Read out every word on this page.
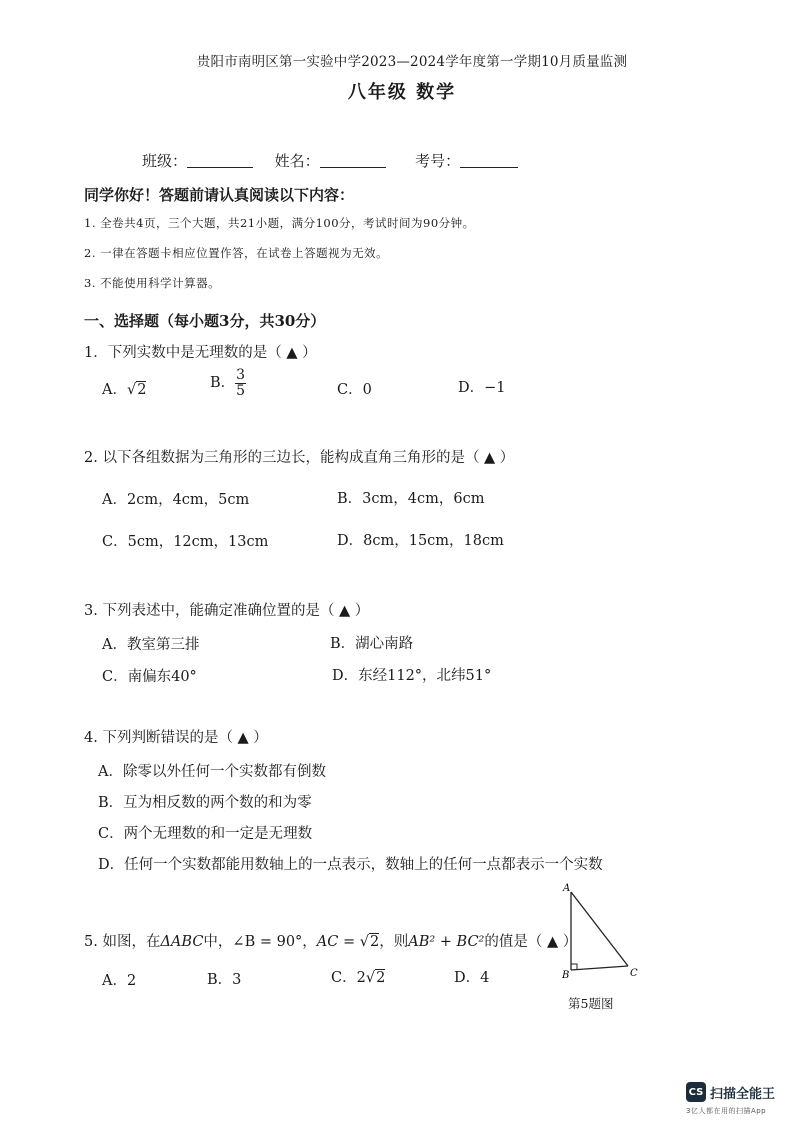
贵阳市南明区第一实验中学2023—2024学年度第一学期10月质量监测
八年级 数学
班级：	姓名：	考号：
同学你好！答题前请认真阅读以下内容：
1. 全卷共4页，三个大题，共21小题，满分100分，考试时间为90分钟。
2. 一律在答题卡相应位置作答，在试卷上答题视为无效。
3. 不能使用科学计算器。
一、选择题（每小题3分，共30分）
1．下列实数中是无理数的是（ ▲ ）
A．√2	B． $\frac{3}{5}$	C．0	D．−1
2. 以下各组数据为三角形的三边长，能构成直角三角形的是（ ▲ ）
A．2cm，4cm，5cm	B．3cm，4cm，6cm
C．5cm，12cm，13cm	D．8cm，15cm，18cm
3. 下列表述中，能确定准确位置的是（ ▲ ）
A．教室第三排	B．湖心南路
C．南偏东40°	D．东经112°，北纬51°
4. 下列判断错误的是（ ▲ ）
A．除零以外任何一个实数都有倒数
B．互为相反数的两个数的和为零
C．两个无理数的和一定是无理数
D．任何一个实数都能用数轴上的一点表示，数轴上的任何一点都表示一个实数
5. 如图，在ΔABC中，∠B = 90°，AC = √2，则AB² + BC²的值是（ ▲ ）
A．2	B．3	C．2√2	D．4
A
B	C
第5题图
CS 扫描全能王
3亿人都在用的扫描App
